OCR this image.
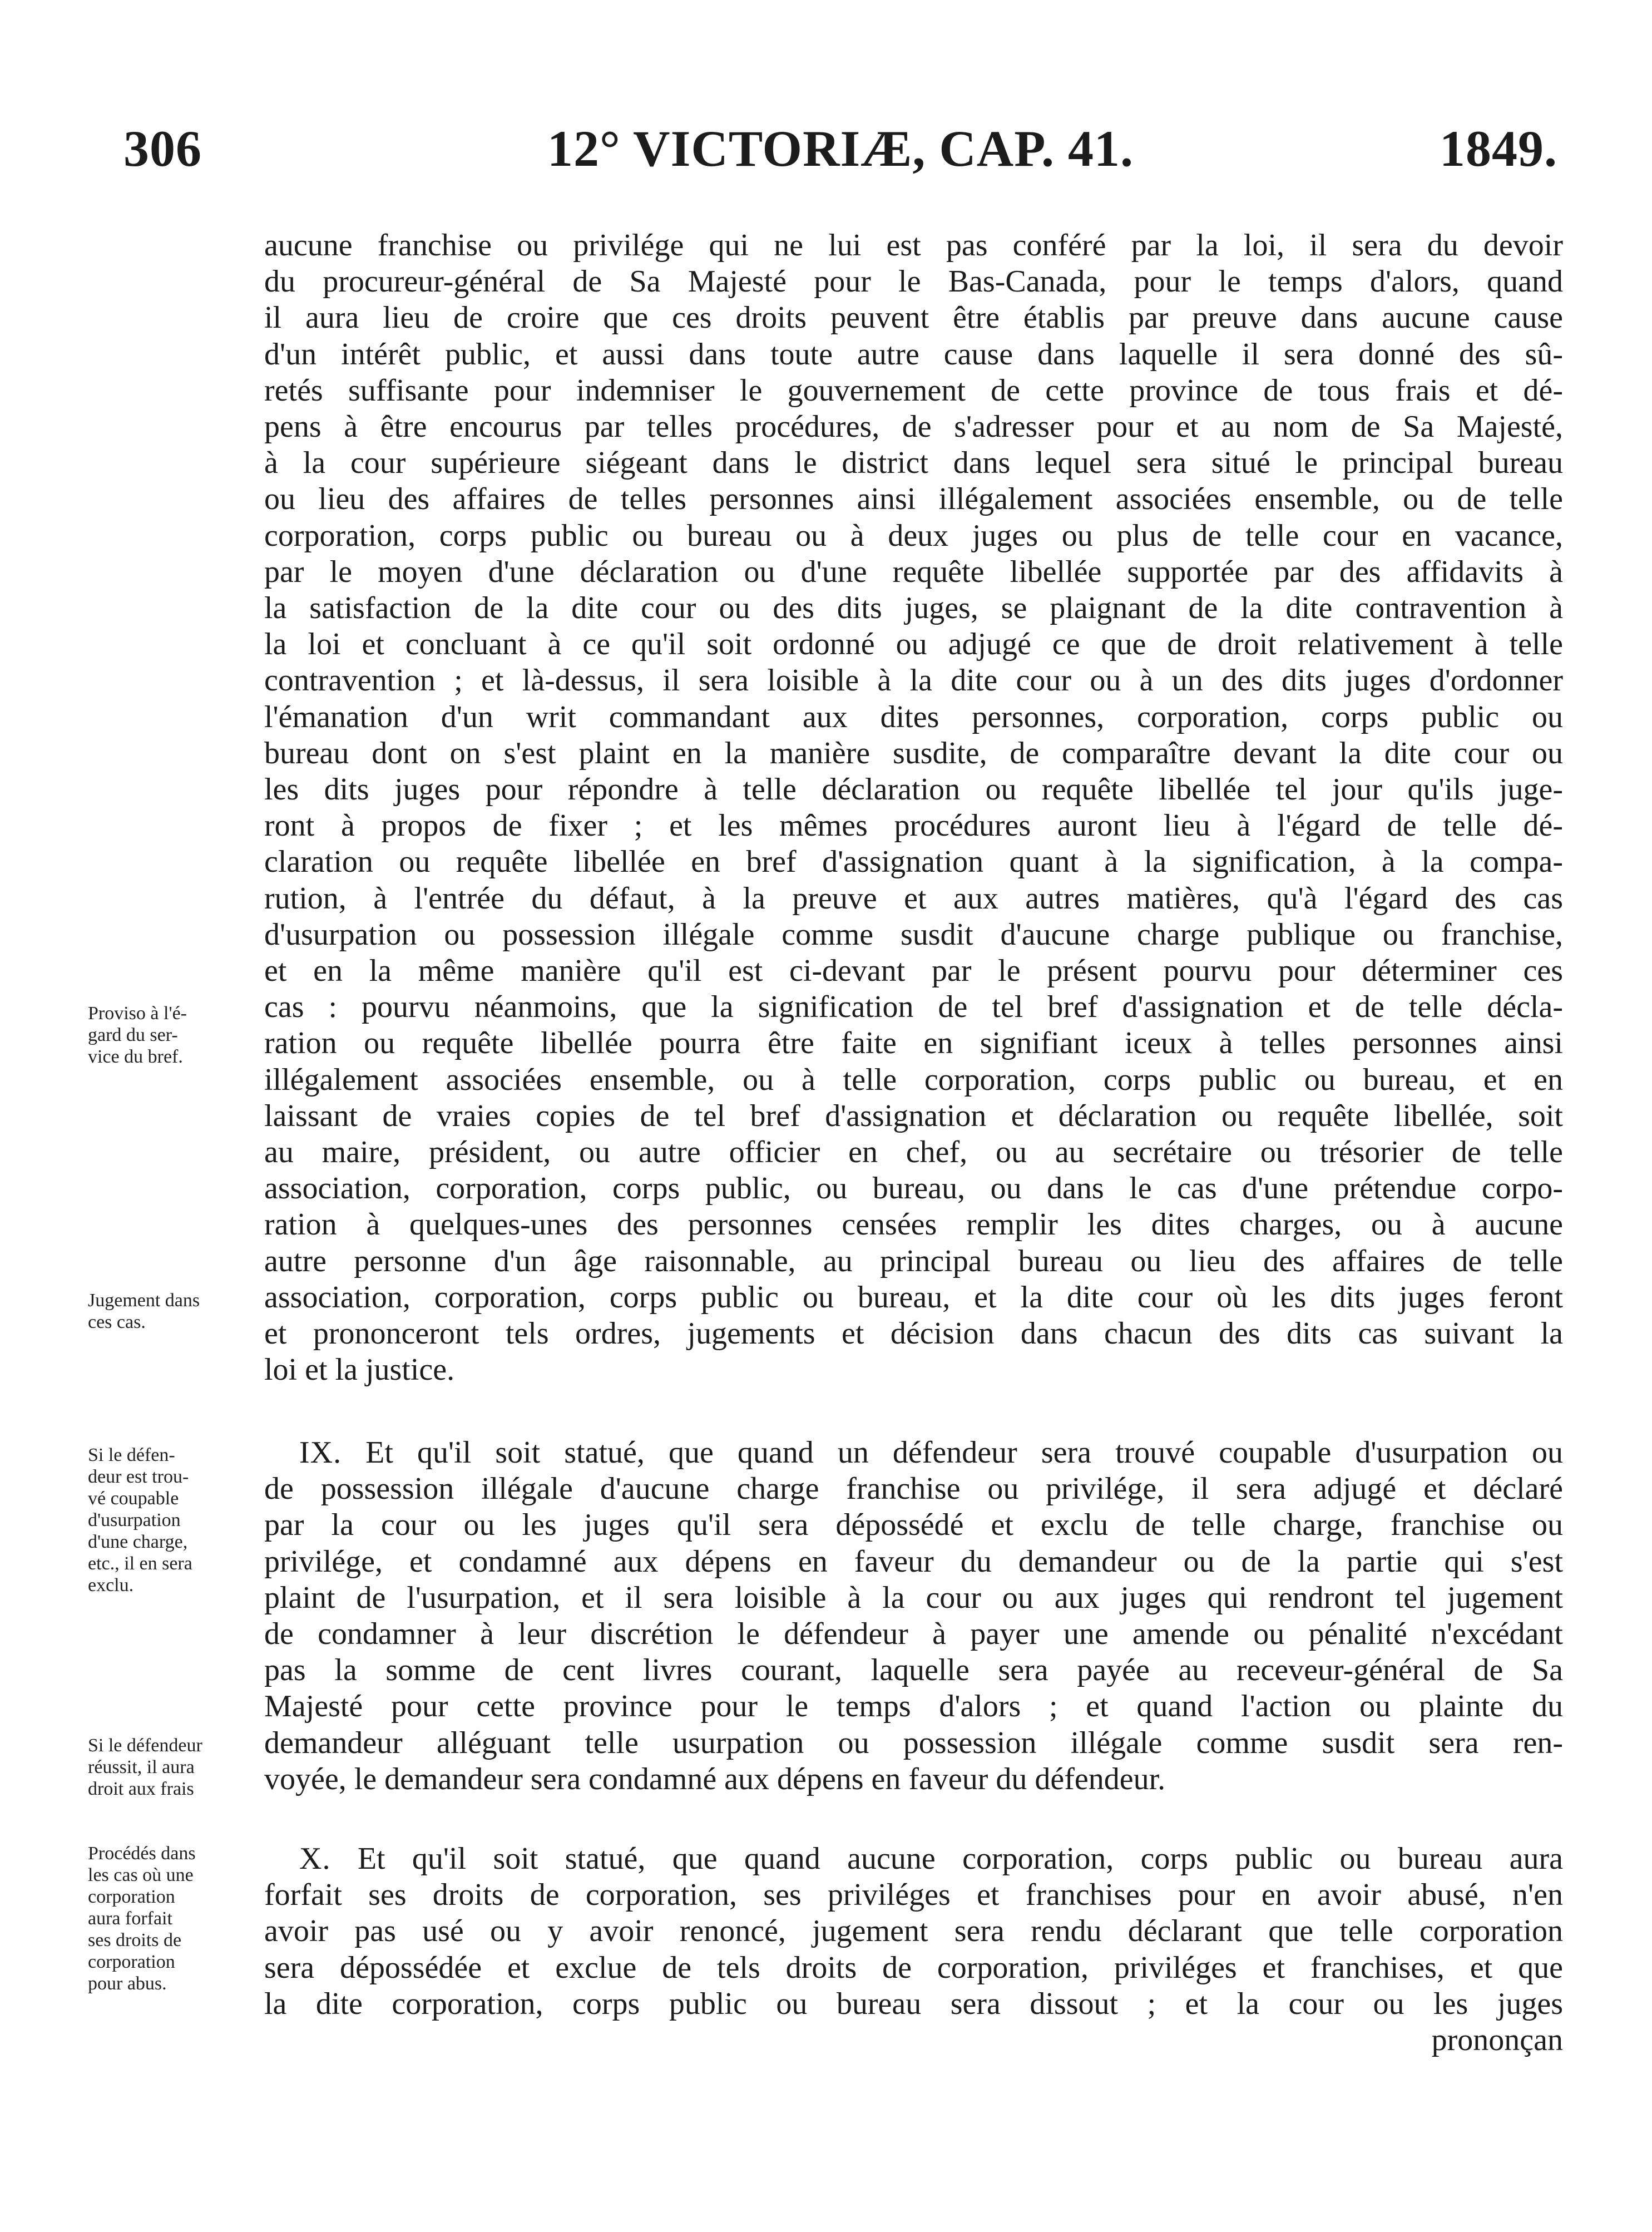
306	12° VICTORIÆ, CAP. 41.	1849.
Proviso à l'é-
gard du ser-
vice du bref.
Jugement dans
ces cas.
Si le défen-
deur est trou-
vé coupable
d'usurpation
d'une charge,
etc., il en sera
exclu.
Si le défendeur
réussit, il aura
droit aux frais
Procédés dans
les cas où une
corporation
aura forfait
ses droits de
corporation
pour abus.
aucune franchise ou privilége qui ne lui est pas conféré par la loi, il sera du devoir
du procureur-général de Sa Majesté pour le Bas-Canada, pour le temps d'alors, quand
il aura lieu de croire que ces droits peuvent être établis par preuve dans aucune cause
d'un intérêt public, et aussi dans toute autre cause dans laquelle il sera donné des sû-
retés suffisante pour indemniser le gouvernement de cette province de tous frais et dé-
pens à être encourus par telles procédures, de s'adresser pour et au nom de Sa Majesté,
à la cour supérieure siégeant dans le district dans lequel sera situé le principal bureau
ou lieu des affaires de telles personnes ainsi illégalement associées ensemble, ou de telle
corporation, corps public ou bureau ou à deux juges ou plus de telle cour en vacance,
par le moyen d'une déclaration ou d'une requête libellée supportée par des affidavits à
la satisfaction de la dite cour ou des dits juges, se plaignant de la dite contravention à
la loi et concluant à ce qu'il soit ordonné ou adjugé ce que de droit relativement à telle
contravention ; et là-dessus, il sera loisible à la dite cour ou à un des dits juges d'ordonner
l'émanation d'un writ commandant aux dites personnes, corporation, corps public ou
bureau dont on s'est plaint en la manière susdite, de comparaître devant la dite cour ou
les dits juges pour répondre à telle déclaration ou requête libellée tel jour qu'ils juge-
ront à propos de fixer ; et les mêmes procédures auront lieu à l'égard de telle dé-
claration ou requête libellée en bref d'assignation quant à la signification, à la compa-
rution, à l'entrée du défaut, à la preuve et aux autres matières, qu'à l'égard des cas
d'usurpation ou possession illégale comme susdit d'aucune charge publique ou franchise,
et en la même manière qu'il est ci-devant par le présent pourvu pour déterminer ces
cas : pourvu néanmoins, que la signification de tel bref d'assignation et de telle décla-
ration ou requête libellée pourra être faite en signifiant iceux à telles personnes ainsi
illégalement associées ensemble, ou à telle corporation, corps public ou bureau, et en
laissant de vraies copies de tel bref d'assignation et déclaration ou requête libellée, soit
au maire, président, ou autre officier en chef, ou au secrétaire ou trésorier de telle
association, corporation, corps public, ou bureau, ou dans le cas d'une prétendue corpo-
ration à quelques-unes des personnes censées remplir les dites charges, ou à aucune
autre personne d'un âge raisonnable, au principal bureau ou lieu des affaires de telle
association, corporation, corps public ou bureau, et la dite cour où les dits juges feront
et prononceront tels ordres, jugements et décision dans chacun des dits cas suivant la
loi et la justice.
IX. Et qu'il soit statué, que quand un défendeur sera trouvé coupable d'usurpation ou
de possession illégale d'aucune charge franchise ou privilége, il sera adjugé et déclaré
par la cour ou les juges qu'il sera dépossédé et exclu de telle charge, franchise ou
privilége, et condamné aux dépens en faveur du demandeur ou de la partie qui s'est
plaint de l'usurpation, et il sera loisible à la cour ou aux juges qui rendront tel jugement
de condamner à leur discrétion le défendeur à payer une amende ou pénalité n'excédant
pas la somme de cent livres courant, laquelle sera payée au receveur-général de Sa
Majesté pour cette province pour le temps d'alors ; et quand l'action ou plainte du
demandeur alléguant telle usurpation ou possession illégale comme susdit sera ren-
voyée, le demandeur sera condamné aux dépens en faveur du défendeur.
X. Et qu'il soit statué, que quand aucune corporation, corps public ou bureau aura
forfait ses droits de corporation, ses priviléges et franchises pour en avoir abusé, n'en
avoir pas usé ou y avoir renoncé, jugement sera rendu déclarant que telle corporation
sera dépossédée et exclue de tels droits de corporation, priviléges et franchises, et que
la dite corporation, corps public ou bureau sera dissout ; et la cour ou les juges
prononçan
